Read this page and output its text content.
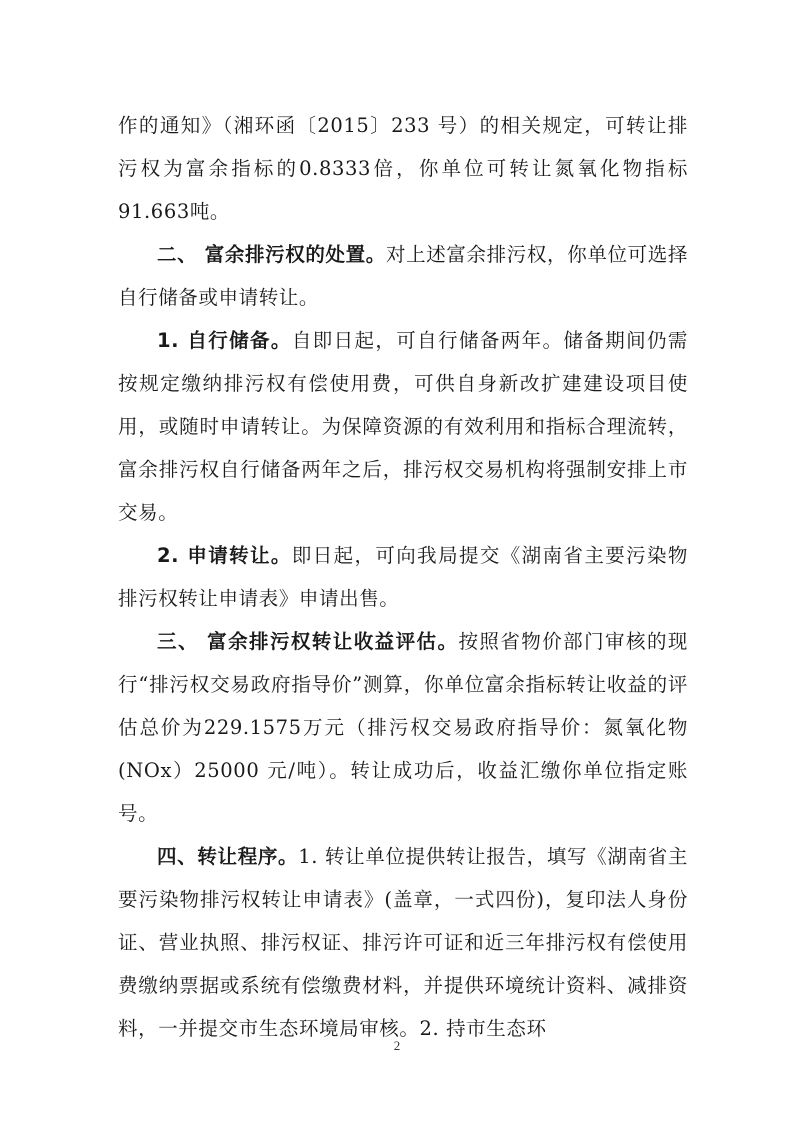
作的通知》（湘环函〔2015〕233 号）的相关规定，可转让排污权为富余指标的0.8333倍，你单位可转让氮氧化物指标91.663吨。

二、 富余排污权的处置。对上述富余排污权，你单位可选择自行储备或申请转让。

1. 自行储备。自即日起，可自行储备两年。储备期间仍需按规定缴纳排污权有偿使用费，可供自身新改扩建建设项目使用，或随时申请转让。为保障资源的有效利用和指标合理流转，富余排污权自行储备两年之后，排污权交易机构将强制安排上市交易。

2. 申请转让。即日起，可向我局提交《湖南省主要污染物排污权转让申请表》申请出售。

三、 富余排污权转让收益评估。按照省物价部门审核的现行“排污权交易政府指导价”测算，你单位富余指标转让收益的评估总价为229.1575万元（排污权交易政府指导价：氮氧化物(NOx）25000 元/吨）。转让成功后，收益汇缴你单位指定账号。

四、转让程序。1. 转让单位提供转让报告，填写《湖南省主要污染物排污权转让申请表》(盖章，一式四份)，复印法人身份证、营业执照、排污权证、排污许可证和近三年排污权有偿使用费缴纳票据或系统有偿缴费材料，并提供环境统计资料、减排资料，一并提交市生态环境局审核。2. 持市生态环

2
